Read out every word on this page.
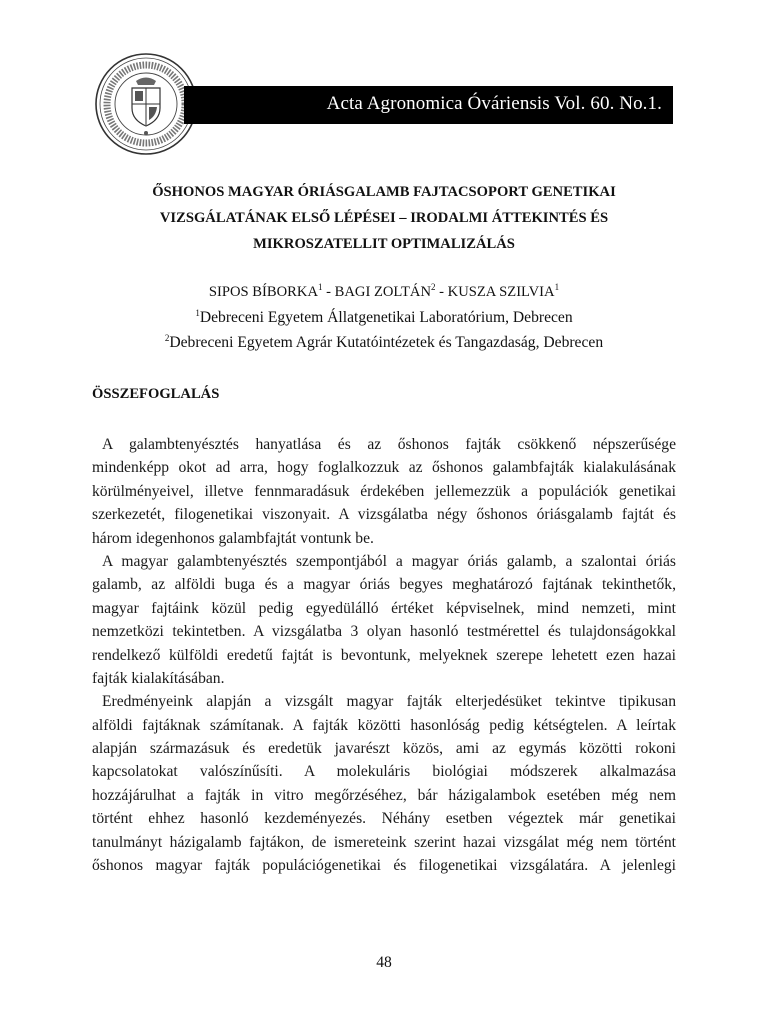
Acta Agronomica Óváriensis Vol. 60. No.1.
ŐSHONOS MAGYAR ÓRIÁSGALAMB FAJTACSOPORT GENETIKAI
VIZSGÁLATÁNAK ELSŐ LÉPÉSEI – IRODALMI ÁTTEKINTÉS ÉS
MIKROSZATELLIT OPTIMALIZÁLÁS
SIPOS BÍBORKA$^1$ - BAGI ZOLTÁN$^2$ - KUSZA SZILVIA$^1$
$^1$Debreceni Egyetem Állatgenetikai Laboratórium, Debrecen
$^2$Debreceni Egyetem Agrár Kutatóintézetek és Tangazdaság, Debrecen
ÖSSZEFOGLALÁS
A galambtenyésztés hanyatlása és az őshonos fajták csökkenő népszerűsége
mindenképp okot ad arra, hogy foglalkozzuk az őshonos galambfajták kialakulásának
körülményeivel, illetve fennmaradásuk érdekében jellemezzük a populációk genetikai
szerkezetét, filogenetikai viszonyait. A vizsgálatba négy őshonos óriásgalamb fajtát és
három idegenhonos galambfajtát vontunk be.
A magyar galambtenyésztés szempontjából a magyar óriás galamb, a szalontai óriás
galamb, az alföldi buga és a magyar óriás begyes meghatározó fajtának tekinthetők,
magyar fajtáink közül pedig egyedülálló értéket képviselnek, mind nemzeti, mint
nemzetközi tekintetben. A vizsgálatba 3 olyan hasonló testmérettel és tulajdonságokkal
rendelkező külföldi eredetű fajtát is bevontunk, melyeknek szerepe lehetett ezen hazai
fajták kialakításában.
Eredményeink alapján a vizsgált magyar fajták elterjedésüket tekintve tipikusan
alföldi fajtáknak számítanak. A fajták közötti hasonlóság pedig kétségtelen. A leírtak
alapján származásuk és eredetük javarészt közös, ami az egymás közötti rokoni
kapcsolatokat valószínűsíti. A molekuláris biológiai módszerek alkalmazása
hozzájárulhat a fajták in vitro megőrzéséhez, bár házigalambok esetében még nem
történt ehhez hasonló kezdeményezés. Néhány esetben végeztek már genetikai
tanulmányt házigalamb fajtákon, de ismereteink szerint hazai vizsgálat még nem történt
őshonos magyar fajták populációgenetikai és filogenetikai vizsgálatára. A jelenlegi
48
